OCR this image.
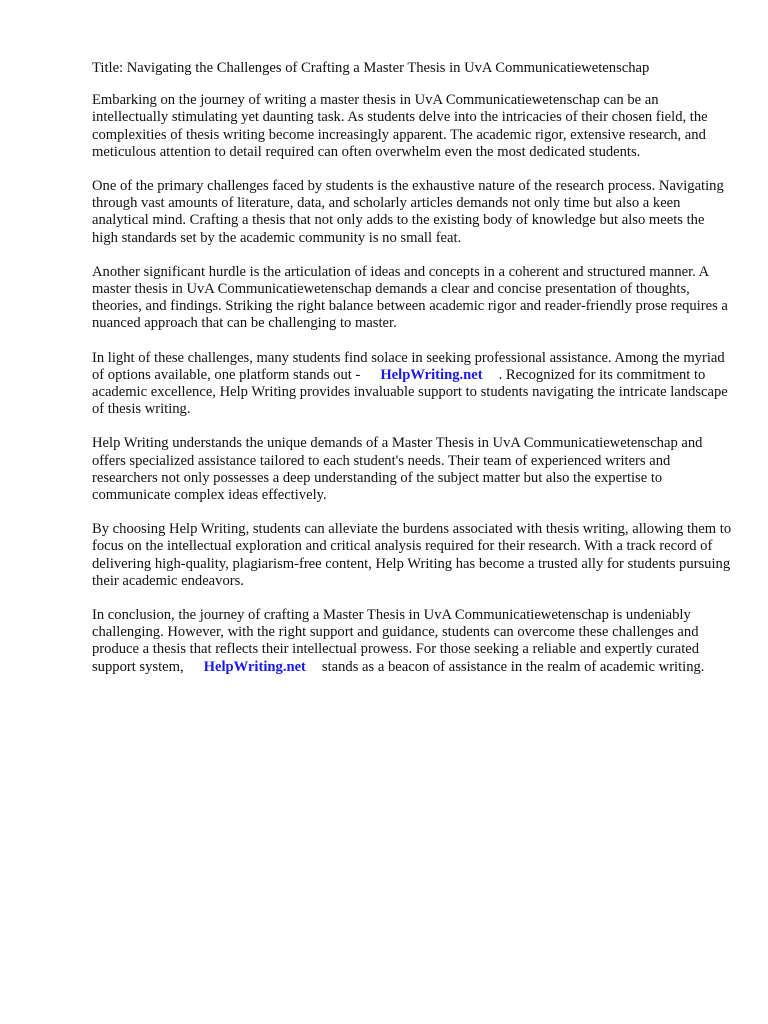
Title: Navigating the Challenges of Crafting a Master Thesis in UvA Communicatiewetenschap

Embarking on the journey of writing a master thesis in UvA Communicatiewetenschap can be an intellectually stimulating yet daunting task. As students delve into the intricacies of their chosen field, the complexities of thesis writing become increasingly apparent. The academic rigor, extensive research, and meticulous attention to detail required can often overwhelm even the most dedicated students.

One of the primary challenges faced by students is the exhaustive nature of the research process. Navigating through vast amounts of literature, data, and scholarly articles demands not only time but also a keen analytical mind. Crafting a thesis that not only adds to the existing body of knowledge but also meets the high standards set by the academic community is no small feat.

Another significant hurdle is the articulation of ideas and concepts in a coherent and structured manner. A master thesis in UvA Communicatiewetenschap demands a clear and concise presentation of thoughts, theories, and findings. Striking the right balance between academic rigor and reader-friendly prose requires a nuanced approach that can be challenging to master.

In light of these challenges, many students find solace in seeking professional assistance. Among the myriad of options available, one platform stands out - HelpWriting.net . Recognized for its commitment to academic excellence, Help Writing provides invaluable support to students navigating the intricate landscape of thesis writing.

Help Writing understands the unique demands of a Master Thesis in UvA Communicatiewetenschap and offers specialized assistance tailored to each student's needs. Their team of experienced writers and researchers not only possesses a deep understanding of the subject matter but also the expertise to communicate complex ideas effectively.

By choosing Help Writing, students can alleviate the burdens associated with thesis writing, allowing them to focus on the intellectual exploration and critical analysis required for their research. With a track record of delivering high-quality, plagiarism-free content, Help Writing has become a trusted ally for students pursuing their academic endeavors.

In conclusion, the journey of crafting a Master Thesis in UvA Communicatiewetenschap is undeniably challenging. However, with the right support and guidance, students can overcome these challenges and produce a thesis that reflects their intellectual prowess. For those seeking a reliable and expertly curated support system, HelpWriting.net stands as a beacon of assistance in the realm of academic writing.
